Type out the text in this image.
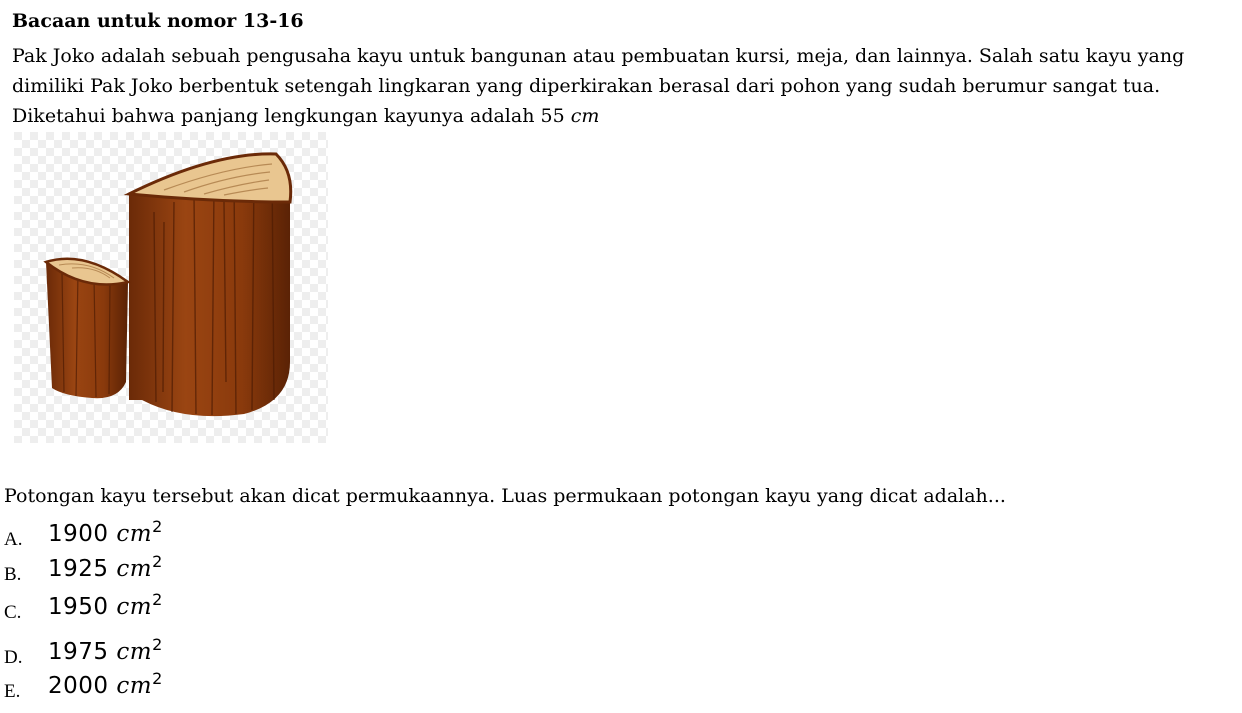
Bacaan untuk nomor 13-16
Pak Joko adalah sebuah pengusaha kayu untuk bangunan atau pembuatan kursi, meja, dan lainnya. Salah satu kayu yang dimiliki Pak Joko berbentuk setengah lingkaran yang diperkirakan berasal dari pohon yang sudah berumur sangat tua. Diketahui bahwa panjang lengkungan kayunya adalah 55 cm
Potongan kayu tersebut akan dicat permukaannya. Luas permukaan potongan kayu yang dicat adalah...
A. 1900 $cm^2$
B. 1925 $cm^2$
C. 1950 $cm^2$
D. 1975 $cm^2$
E. 2000 $cm^2$
